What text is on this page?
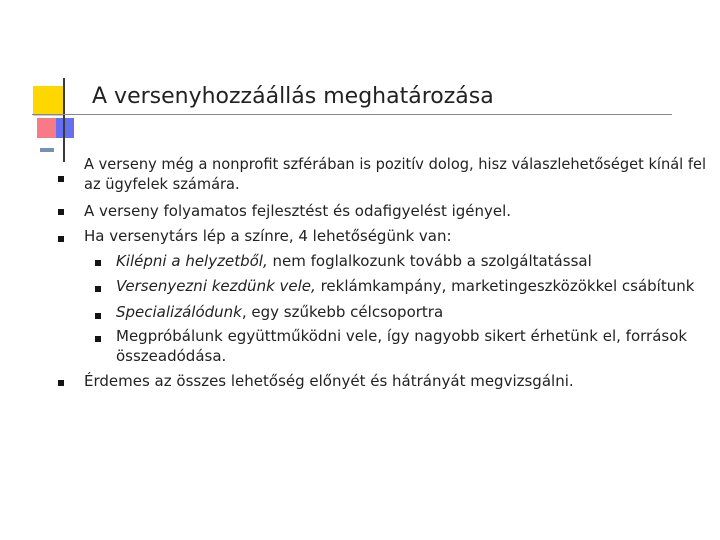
A versenyhozzáállás meghatározása
A verseny még a nonprofit szférában is pozitív dolog, hisz válaszlehetőséget kínál fel
az ügyfelek számára.
A verseny folyamatos fejlesztést és odafigyelést igényel.
Ha versenytárs lép a színre, 4 lehetőségünk van:
Kilépni a helyzetből, nem foglalkozunk tovább a szolgáltatással
Versenyezni kezdünk vele, reklámkampány, marketingeszközökkel csábítunk
Specializálódunk, egy szűkebb célcsoportra
Megpróbálunk együttműködni vele, így nagyobb sikert érhetünk el, források
összeadódása.
Érdemes az összes lehetőség előnyét és hátrányát megvizsgálni.
